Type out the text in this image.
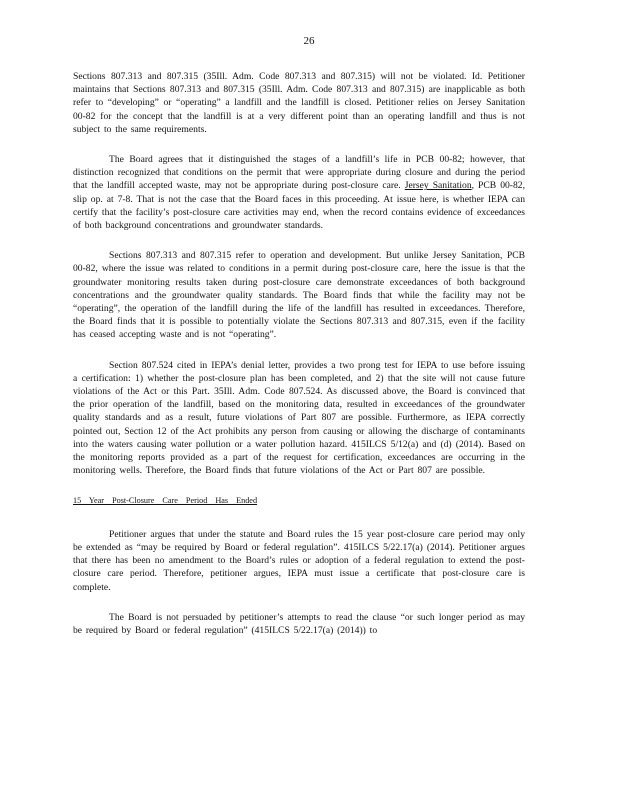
26

Sections 807.313 and 807.315 (35Ill. Adm. Code 807.313 and 807.315) will not be violated. Id. Petitioner maintains that Sections 807.313 and 807.315 (35Ill. Adm. Code 807.313 and 807.315) are inapplicable as both refer to “developing” or “operating” a landfill and the landfill is closed. Petitioner relies on Jersey Sanitation 00-82 for the concept that the landfill is at a very different point than an operating landfill and thus is not subject to the same requirements.

The Board agrees that it distinguished the stages of a landfill’s life in PCB 00-82; however, that distinction recognized that conditions on the permit that were appropriate during closure and during the period that the landfill accepted waste, may not be appropriate during post-closure care. Jersey Sanitation, PCB 00-82, slip op. at 7-8. That is not the case that the Board faces in this proceeding. At issue here, is whether IEPA can certify that the facility’s post-closure care activities may end, when the record contains evidence of exceedances of both background concentrations and groundwater standards.

Sections 807.313 and 807.315 refer to operation and development. But unlike Jersey Sanitation, PCB 00-82, where the issue was related to conditions in a permit during post-closure care, here the issue is that the groundwater monitoring results taken during post-closure care demonstrate exceedances of both background concentrations and the groundwater quality standards. The Board finds that while the facility may not be “operating”, the operation of the landfill during the life of the landfill has resulted in exceedances. Therefore, the Board finds that it is possible to potentially violate the Sections 807.313 and 807.315, even if the facility has ceased accepting waste and is not “operating”.

Section 807.524 cited in IEPA’s denial letter, provides a two prong test for IEPA to use before issuing a certification: 1) whether the post-closure plan has been completed, and 2) that the site will not cause future violations of the Act or this Part. 35Ill. Adm. Code 807.524. As discussed above, the Board is convinced that the prior operation of the landfill, based on the monitoring data, resulted in exceedances of the groundwater quality standards and as a result, future violations of Part 807 are possible. Furthermore, as IEPA correctly pointed out, Section 12 of the Act prohibits any person from causing or allowing the discharge of contaminants into the waters causing water pollution or a water pollution hazard. 415ILCS 5/12(a) and (d) (2014). Based on the monitoring reports provided as a part of the request for certification, exceedances are occurring in the monitoring wells. Therefore, the Board finds that future violations of the Act or Part 807 are possible.

15 Year Post-Closure Care Period Has Ended

Petitioner argues that under the statute and Board rules the 15 year post-closure care period may only be extended as “may be required by Board or federal regulation”. 415ILCS 5/22.17(a) (2014). Petitioner argues that there has been no amendment to the Board’s rules or adoption of a federal regulation to extend the post-closure care period. Therefore, petitioner argues, IEPA must issue a certificate that post-closure care is complete.

The Board is not persuaded by petitioner’s attempts to read the clause “or such longer period as may be required by Board or federal regulation” (415ILCS 5/22.17(a) (2014)) to
